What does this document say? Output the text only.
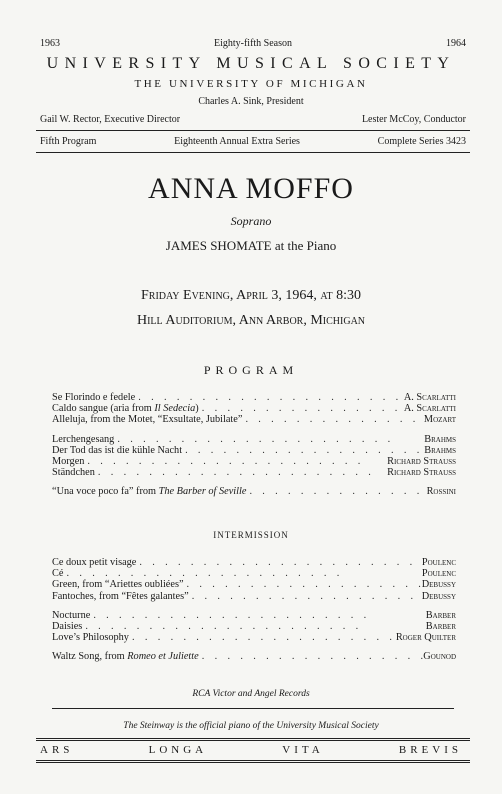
1963	Eighty-fifth Season	1964
UNIVERSITY MUSICAL SOCIETY
THE UNIVERSITY OF MICHIGAN
Charles A. Sink, President
Gail W. Rector, Executive Director	Lester McCoy, Conductor
Fifth Program	Eighteenth Annual Extra Series	Complete Series 3423
ANNA MOFFO
Soprano
JAMES SHOMATE at the Piano
Friday Evening, April 3, 1964, at 8:30
Hill Auditorium, Ann Arbor, Michigan
PROGRAM
Se Florindo e fedele .	A. Scarlatti
Caldo sangue (aria from Il Sedecia) .	A. Scarlatti
Alleluja, from the Motet, “Exsultate, Jubilate” .	Mozart
Lerchengesang .	Brahms
Der Tod das ist die kühle Nacht .	Brahms
Morgen .	Richard Strauss
Ständchen .	Richard Strauss
“Una voce poco fa” from The Barber of Seville .	Rossini
INTERMISSION
Ce doux petit visage .	Poulenc
Cé .	Poulenc
Green, from “Ariettes oubliées” .	Debussy
Fantoches, from “Fêtes galantes” .	Debussy
Nocturne .	Barber
Daisies .	Barber
Love’s Philosophy .	Roger Quilter
Waltz Song, from Romeo et Juliette .	Gounod
RCA Victor and Angel Records
The Steinway is the official piano of the University Musical Society
ARS	LONGA	VITA	BREVIS
